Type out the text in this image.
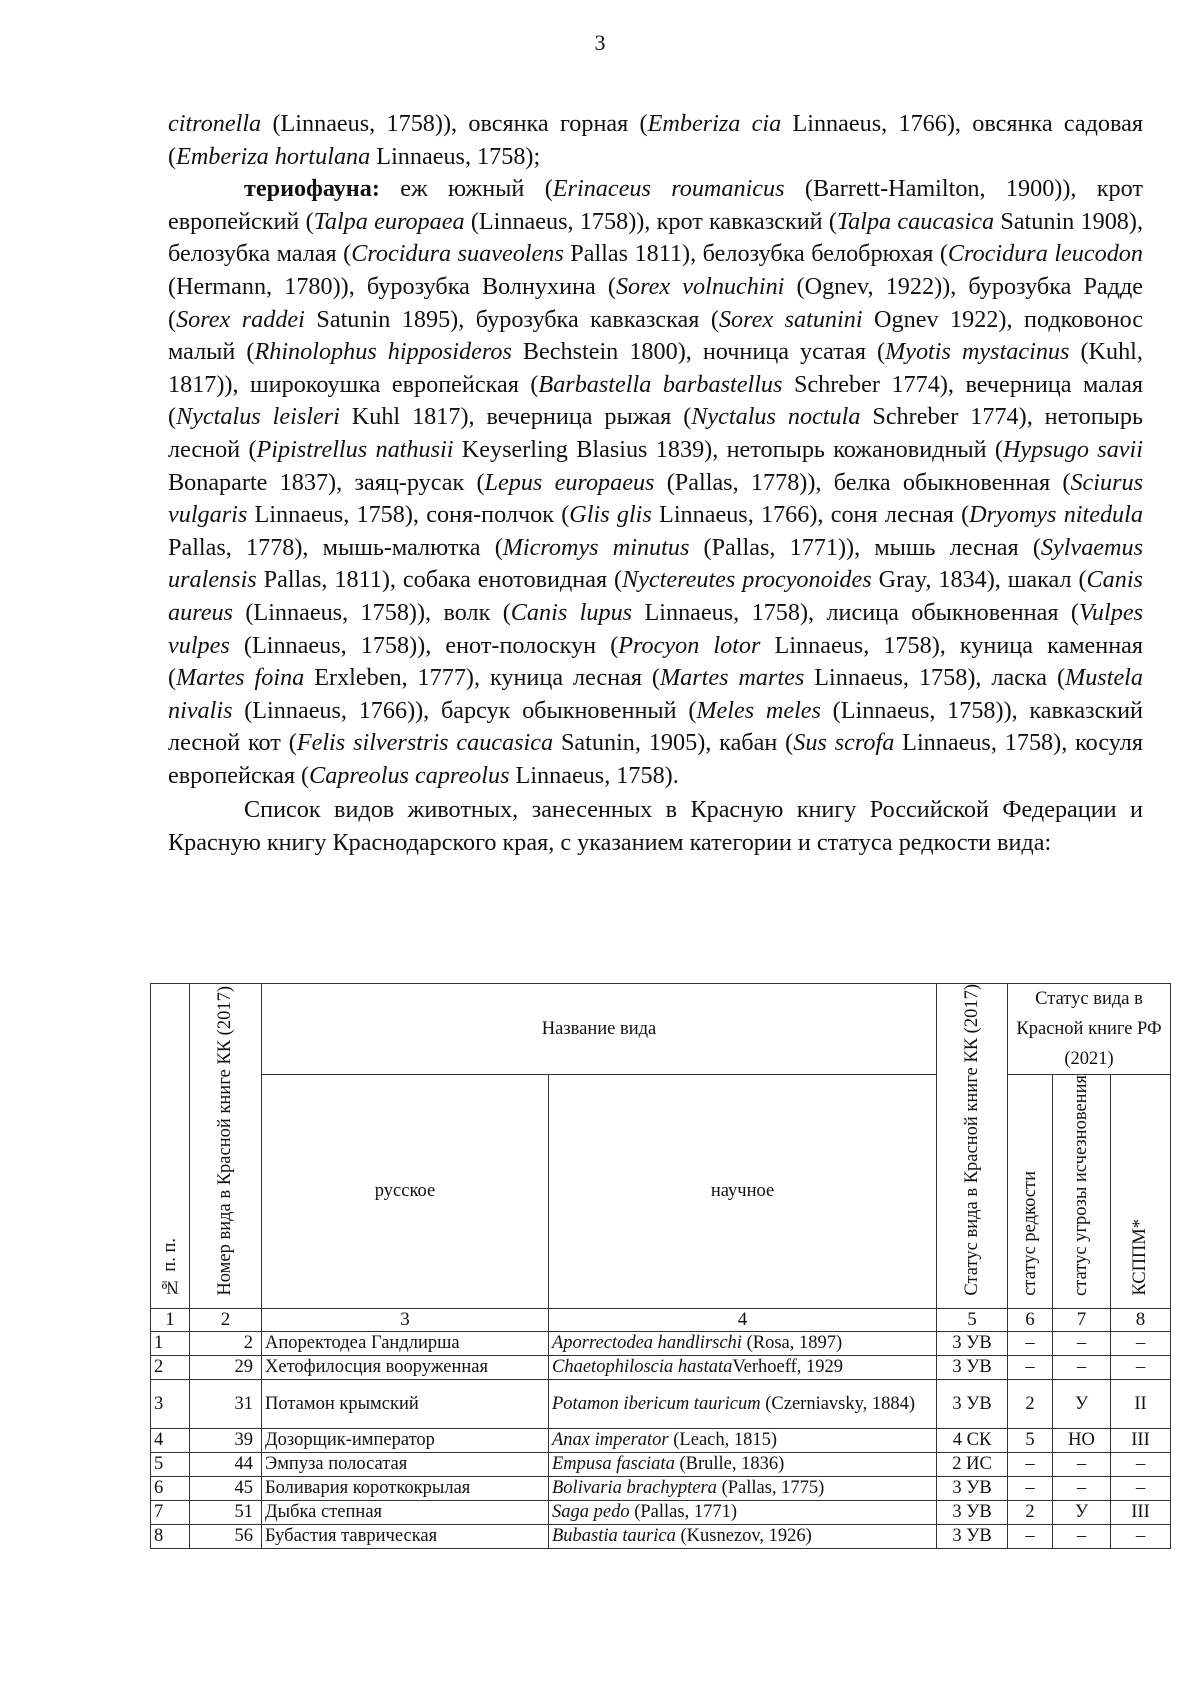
3

citronella (Linnaeus, 1758)), овсянка горная (Emberiza cia Linnaeus, 1766), овсянка садовая (Emberiza hortulana Linnaeus, 1758);

териофауна: еж южный (Erinaceus roumanicus (Barrett-Hamilton, 1900)), крот европейский (Talpa europaea (Linnaeus, 1758)), крот кавказский (Talpa caucasica Satunin 1908), белозубка малая (Crocidura suaveolens Pallas 1811), белозубка белобрюхая (Crocidura leucodon (Hermann, 1780)), бурозубка Волнухина (Sorex volnuchini (Ognev, 1922)), бурозубка Радде (Sorex raddei Satunin 1895), бурозубка кавказская (Sorex satunini Ognev 1922), подковонос малый (Rhinolophus hipposideros Bechstein 1800), ночница усатая (Myotis mystacinus (Kuhl, 1817)), широкоушка европейская (Barbastella barbastellus Schreber 1774), вечерница малая (Nyctalus leisleri Kuhl 1817), вечерница рыжая (Nyctalus noctula Schreber 1774), нетопырь лесной (Pipistrellus nathusii Keyserling Blasius 1839), нетопырь кожановидный (Hypsugo savii Bonaparte 1837), заяц-русак (Lepus europaeus (Pallas, 1778)), белка обыкновенная (Sciurus vulgaris Linnaeus, 1758), соня-полчок (Glis glis Linnaeus, 1766), соня лесная (Dryomys nitedula Pallas, 1778), мышь-малютка (Micromys minutus (Pallas, 1771)), мышь лесная (Sylvaemus uralensis Pallas, 1811), собака енотовидная (Nyctereutes procyonoides Gray, 1834), шакал (Canis aureus (Linnaeus, 1758)), волк (Canis lupus Linnaeus, 1758), лисица обыкновенная (Vulpes vulpes (Linnaeus, 1758)), енот-полоскун (Procyon lotor Linnaeus, 1758), куница каменная (Martes foina Erxleben, 1777), куница лесная (Martes martes Linnaeus, 1758), ласка (Mustela nivalis (Linnaeus, 1766)), барсук обыкновенный (Meles meles (Linnaeus, 1758)), кавказский лесной кот (Felis silverstris caucasica Satunin, 1905), кабан (Sus scrofa Linnaeus, 1758), косуля европейская (Capreolus capreolus Linnaeus, 1758).

Список видов животных, занесенных в Красную книгу Российской Федерации и Красную книгу Краснодарского края, с указанием категории и статуса редкости вида:

№ п. п.	Номер вида в Красной книге КК (2017)	Название вида		Статус вида в Красной книге КК (2017)	Статус вида в Красной книге РФ (2021)		
		русское	научное		статус редкости	статус угрозы исчезновения	КСППМ*
1	2	3	4	5	6	7	8
1	2	Апоректодеа Гандлирша	Aporrectodea handlirschi (Rosa, 1897)	3 УВ	–	–	–
2	29	Хетофилосция вооруженная	Chaetophiloscia hastataVerhoeff, 1929	3 УВ	–	–	–
3	31	Потамон крымский	Potamon ibericum tauricum (Czerniavsky, 1884)	3 УВ	2	У	II
4	39	Дозорщик-император	Anax imperator (Leach, 1815)	4 СК	5	НО	III
5	44	Эмпуза полосатая	Empusa fasciata (Brulle, 1836)	2 ИС	–	–	–
6	45	Боливария короткокрылая	Bolivaria brachyptera (Pallas, 1775)	3 УВ	–	–	–
7	51	Дыбка степная	Saga pedo (Pallas, 1771)	3 УВ	2	У	III
8	56	Бубастия таврическая	Bubastia taurica (Kusnezov, 1926)	3 УВ	–	–	–
